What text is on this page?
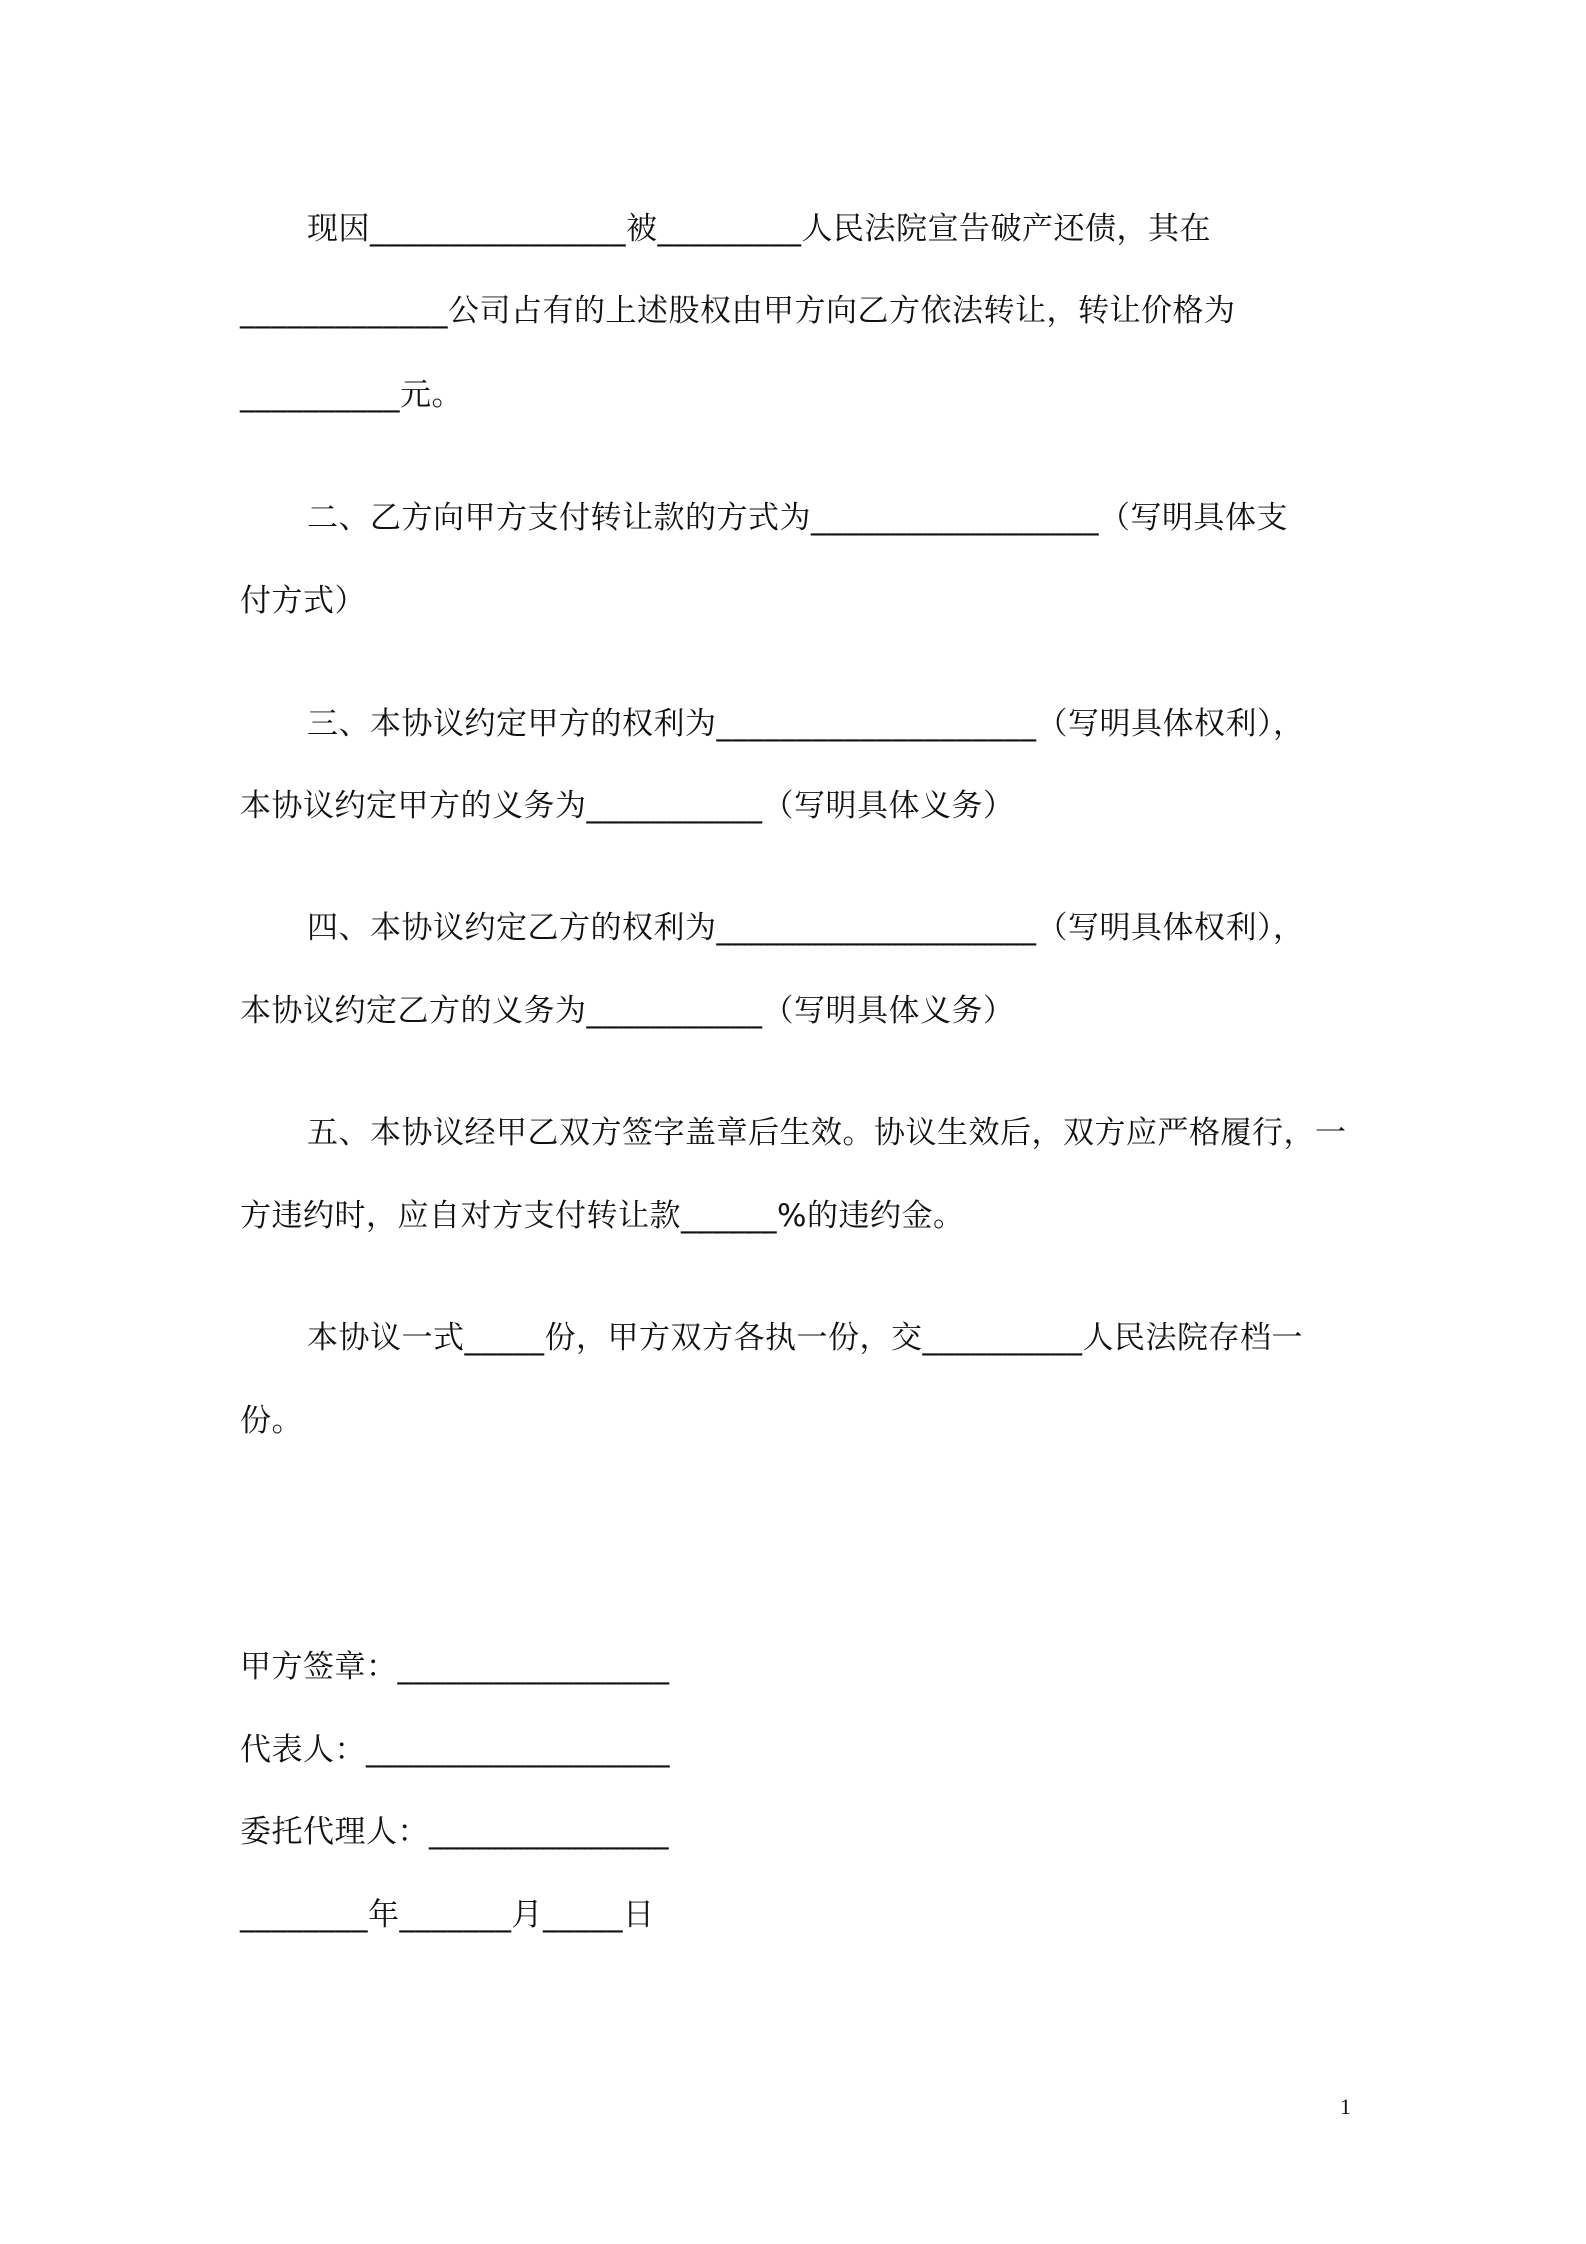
现因________________被_________人民法院宣告破产还债，其在
_____________公司占有的上述股权由甲方向乙方依法转让，转让价格为
__________元。
二、乙方向甲方支付转让款的方式为__________________（写明具体支
付方式）
三、本协议约定甲方的权利为____________________（写明具体权利），
本协议约定甲方的义务为___________（写明具体义务）
四、本协议约定乙方的权利为____________________（写明具体权利），
本协议约定乙方的义务为___________（写明具体义务）
五、本协议经甲乙双方签字盖章后生效。协议生效后，双方应严格履行，一
方违约时，应自对方支付转让款______%的违约金。
本协议一式_____份，甲方双方各执一份，交__________人民法院存档一
份。
甲方签章：_________________
代表人：___________________
委托代理人：_______________
________年_______月_____日
1
